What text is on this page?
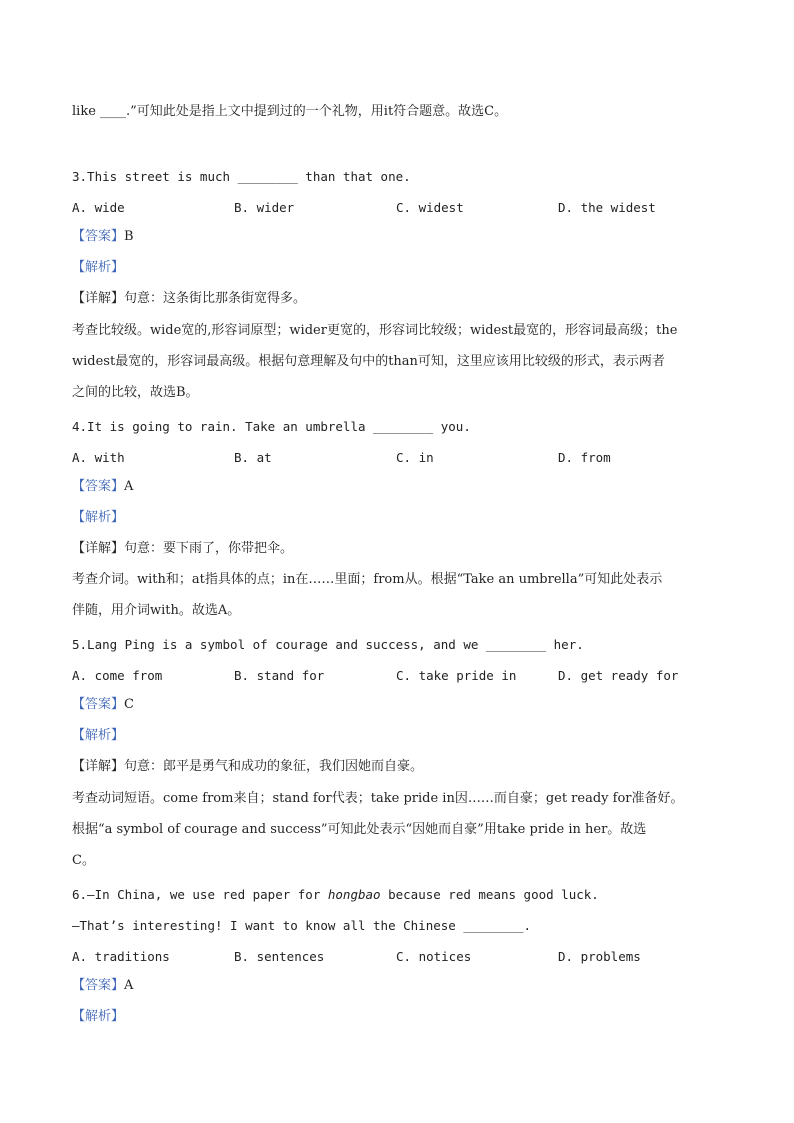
like ____.”可知此处是指上文中提到过的一个礼物，用it符合题意。故选C。
3.This street is much ________ than that one.
A. wide	B. wider	C. widest	D. the widest
【答案】B
【解析】
【详解】句意：这条街比那条街宽得多。
考查比较级。wide宽的,形容词原型；wider更宽的，形容词比较级；widest最宽的，形容词最高级；the
widest最宽的，形容词最高级。根据句意理解及句中的than可知，这里应该用比较级的形式，表示两者
之间的比较，故选B。
4.It is going to rain. Take an umbrella ________ you.
A. with	B. at	C. in	D. from
【答案】A
【解析】
【详解】句意：要下雨了，你带把伞。
考查介词。with和；at指具体的点；in在……里面；from从。根据“Take an umbrella”可知此处表示
伴随，用介词with。故选A。
5.Lang Ping is a symbol of courage and success, and we ________ her.
A. come from	B. stand for	C. take pride in	D. get ready for
【答案】C
【解析】
【详解】句意：郎平是勇气和成功的象征，我们因她而自豪。
考查动词短语。come from来自；stand for代表；take pride in因……而自豪；get ready for准备好。
根据“a symbol of courage and success”可知此处表示“因她而自豪”用take pride in her。故选
C。
6.—In China, we use red paper for hongbao because red means good luck.
—That’s interesting! I want to know all the Chinese ________.
A. traditions	B. sentences	C. notices	D. problems
【答案】A
【解析】
